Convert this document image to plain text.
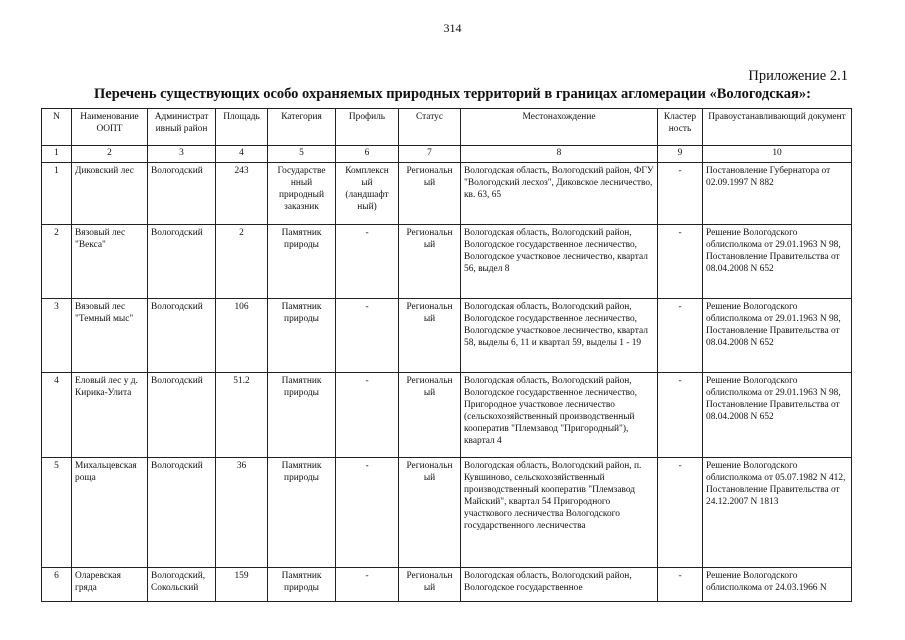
314
Приложение 2.1
Перечень существующих особо охраняемых природных территорий в границах агломерации «Вологодская»:
N	Наименование ООПТ	Администрат ивный район	Площадь	Категория	Профиль	Статус	Местонахождение	Кластер ность	Правоустанавливающий документ
1	2	3	4	5	6	7	8	9	10
1	Диковский лес	Вологодский	243	Государстве нный природный заказник	Комплексн ый (ландшафт ный)	Региональн ый	Вологодская область, Вологодский район, ФГУ "Вологодский лесхоз", Диковское лесничество, кв. 63, 65	-	Постановление Губернатора от 02.09.1997 N 882
2	Вязовый лес "Векса"	Вологодский	2	Памятник природы	-	Региональн ый	Вологодская область, Вологодский район, Вологодское государственное лесничество, Вологодское участковое лесничество, квартал 56, выдел 8	-	Решение Вологодского облисполкома от 29.01.1963 N 98, Постановление Правительства от 08.04.2008 N 652
3	Вязовый лес "Темный мыс"	Вологодский	106	Памятник природы	-	Региональн ый	Вологодская область, Вологодский район, Вологодское государственное лесничество, Вологодское участковое лесничество, квартал 58, выделы 6, 11 и квартал 59, выделы 1 - 19	-	Решение Вологодского облисполкома от 29.01.1963 N 98, Постановление Правительства от 08.04.2008 N 652
4	Еловый лес у д. Кирика-Улита	Вологодский	51.2	Памятник природы	-	Региональн ый	Вологодская область, Вологодский район, Вологодское государственное лесничество, Пригородное участковое лесничество (сельскохозяйственный производственный кооператив "Племзавод "Пригородный"), квартал 4	-	Решение Вологодского облисполкома от 29.01.1963 N 98, Постановление Правительства от 08.04.2008 N 652
5	Михальцевская роща	Вологодский	36	Памятник природы	-	Региональн ый	Вологодская область, Вологодский район, п. Кувшиново, сельскохозяйственный производственный кооператив "Племзавод Майский", квартал 54 Пригородного участкового лесничества Вологодского государственного лесничества	-	Решение Вологодского облисполкома от 05.07.1982 N 412, Постановление Правительства от 24.12.2007 N 1813
6	Оларевская гряда	Вологодский, Сокольский	159	Памятник природы	-	Региональн ый	Вологодская область, Вологодский район, Вологодское государственное	-	Решение Вологодского облисполкома от 24.03.1966 N
